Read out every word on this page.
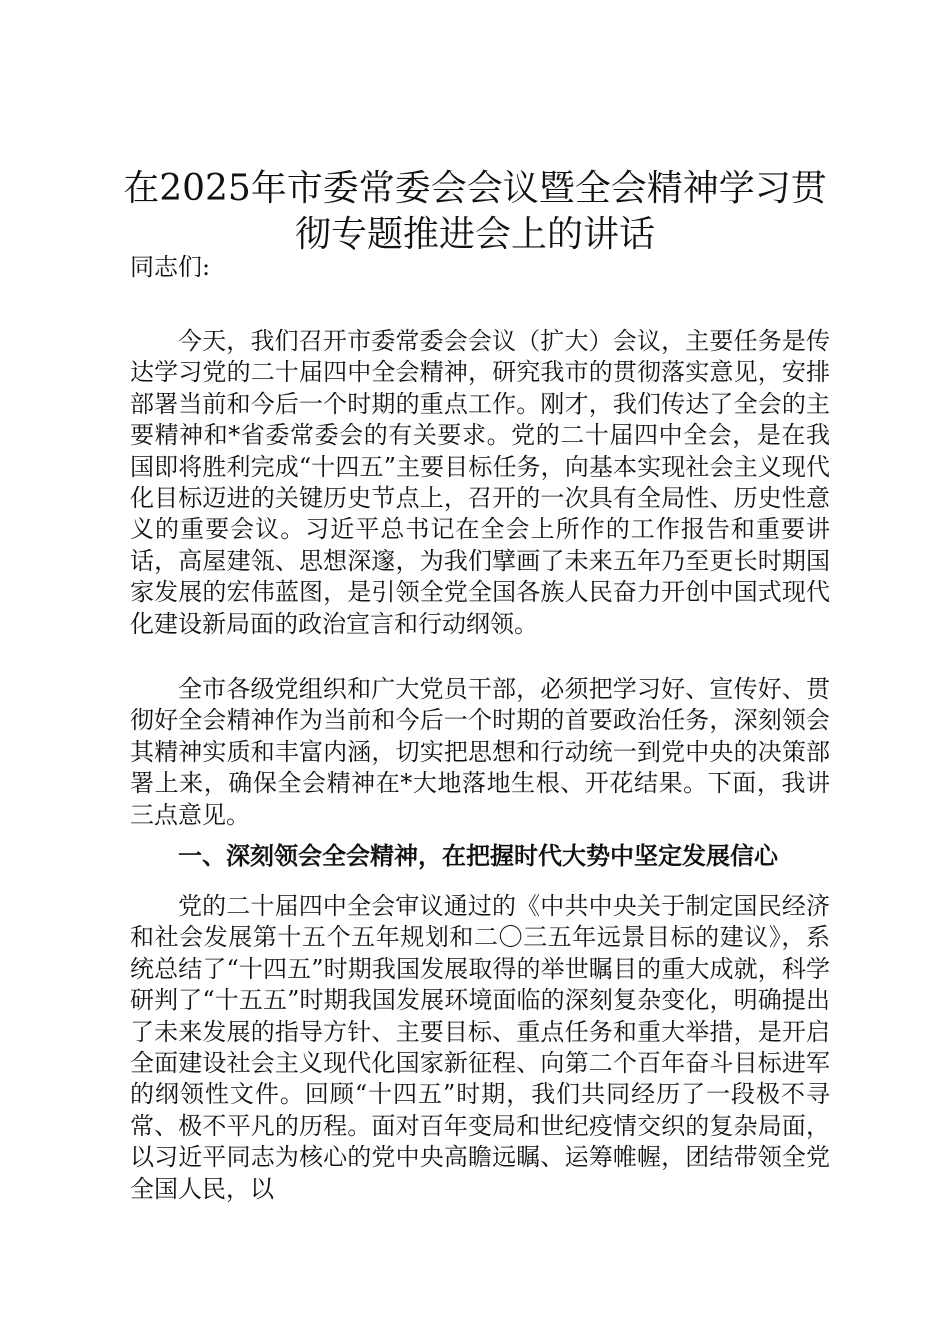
在2025年市委常委会会议暨全会精神学习贯彻专题推进会上的讲话

同志们:

今天，我们召开市委常委会会议（扩大）会议，主要任务是传达学习党的二十届四中全会精神，研究我市的贯彻落实意见，安排部署当前和今后一个时期的重点工作。刚才，我们传达了全会的主要精神和*省委常委会的有关要求。党的二十届四中全会，是在我国即将胜利完成“十四五”主要目标任务，向基本实现社会主义现代化目标迈进的关键历史节点上，召开的一次具有全局性、历史性意义的重要会议。习近平总书记在全会上所作的工作报告和重要讲话，高屋建瓴、思想深邃，为我们擘画了未来五年乃至更长时期国家发展的宏伟蓝图，是引领全党全国各族人民奋力开创中国式现代化建设新局面的政治宣言和行动纲领。

全市各级党组织和广大党员干部，必须把学习好、宣传好、贯彻好全会精神作为当前和今后一个时期的首要政治任务，深刻领会其精神实质和丰富内涵，切实把思想和行动统一到党中央的决策部署上来，确保全会精神在*大地落地生根、开花结果。下面，我讲三点意见。

一、深刻领会全会精神，在把握时代大势中坚定发展信心

党的二十届四中全会审议通过的《中共中央关于制定国民经济和社会发展第十五个五年规划和二〇三五年远景目标的建议》，系统总结了“十四五”时期我国发展取得的举世瞩目的重大成就，科学研判了“十五五”时期我国发展环境面临的深刻复杂变化，明确提出了未来发展的指导方针、主要目标、重点任务和重大举措，是开启全面建设社会主义现代化国家新征程、向第二个百年奋斗目标进军的纲领性文件。回顾“十四五”时期，我们共同经历了一段极不寻常、极不平凡的历程。面对百年变局和世纪疫情交织的复杂局面，以习近平同志为核心的党中央高瞻远瞩、运筹帷幄，团结带领全党全国人民，以
